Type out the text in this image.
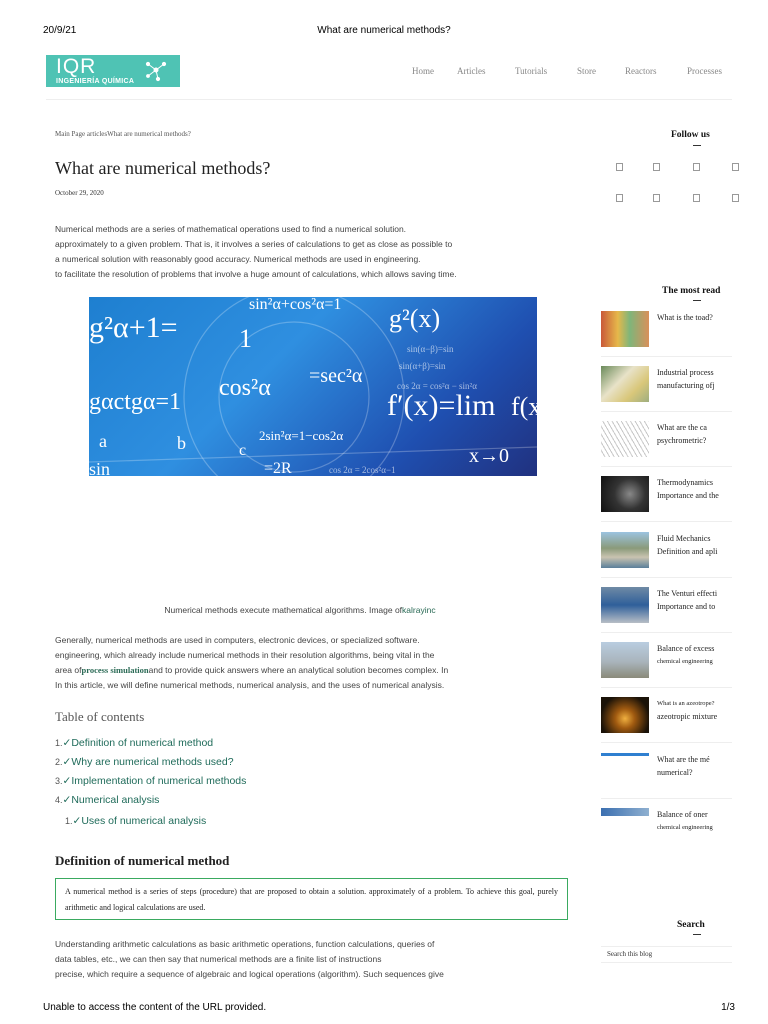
20/9/21	What are numerical methods?
IQR
INGENIERÍA QUÍMICA
Home	Articles	Tutorials	Store	Reactors	Processes
Main Page articlesWhat are numerical methods?
What are numerical methods?
October 29, 2020

Numerical methods are a series of mathematical operations used to find a numerical solution.

approximately to a given problem. That is, it involves a series of calculations to get as close as possible to

a numerical solution with reasonably good accuracy. Numerical methods are used in engineering.

to facilitate the resolution of problems that involve a huge amount of calculations, which allows saving time.

g²α+1=
sin²α+cos²α=1 g²(x)
gαctgα=1
1
cos²α =sec²α
f′(x)=lim f(x
2sin²α=1−cos2α
a	b	c
=2R
x→0
sin
sin(α−β)=sin
sin(α+β)=sin
cos 2α = cos²α − sin²α
cos 2α = 2cos²α−1
Numerical methods execute mathematical algorithms. Image ofkalrayinc

Generally, numerical methods are used in computers, electronic devices, or specialized software.

engineering, which already include numerical methods in their resolution algorithms, being vital in the

area ofprocess simulationand to provide quick answers where an analytical solution becomes complex. In

In this article, we will define numerical methods, numerical analysis, and the uses of numerical analysis.

Table of contents
1.✓Definition of numerical method
2.✓Why are numerical methods used?
3.✓Implementation of numerical methods
4.✓Numerical analysis
1.✓Uses of numerical analysis
Definition of numerical method
A numerical method is a series of steps (procedure) that are proposed to obtain a solution. approximately of a problem. To achieve this goal, purely arithmetic and logical calculations are used.

Understanding arithmetic calculations as basic arithmetic operations, function calculations, queries of

data tables, etc., we can then say that numerical methods are a finite list of instructions

precise, which require a sequence of algebraic and logical operations (algorithm). Such sequences give

Follow us
The most read
What is the toad?
Industrial process
manufacturing ofj
What are the ca
psychrometric?
Thermodynamics
Importance and the
Fluid Mechanics
Definition and apli
The Venturi effecti
Importance and to
Balance of excess
chemical engineering
What is an azeotrope?
azeotropic mixture
What are the mé
numerical?
Balance of oner
chemical engineering
Search
Search this blog
Unable to access the content of the URL provided.	1/3
